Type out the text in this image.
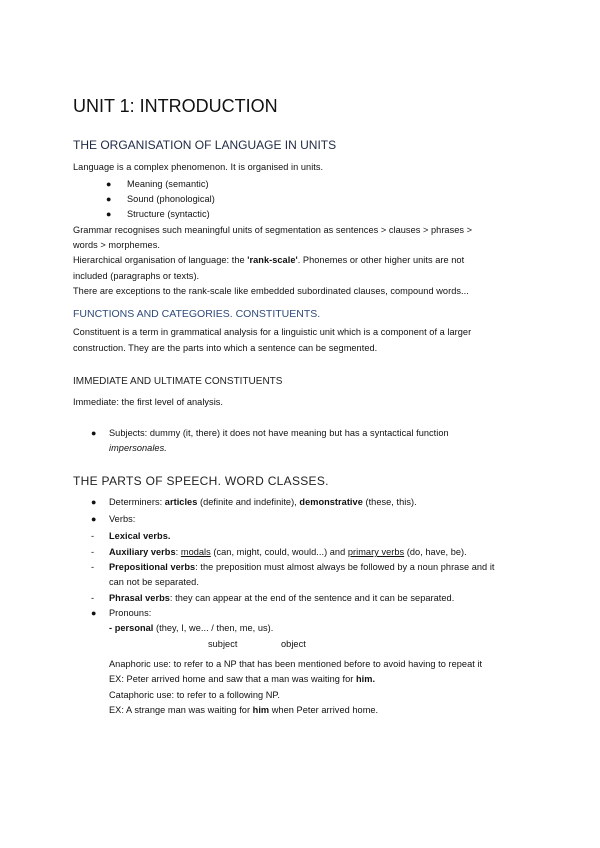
UNIT 1: INTRODUCTION
THE ORGANISATION OF LANGUAGE IN UNITS
Language is a complex phenomenon. It is organised in units.
● Meaning (semantic)
● Sound (phonological)
● Structure (syntactic)
Grammar recognises such meaningful units of segmentation as sentences > clauses > phrases >
words > morphemes.
Hierarchical organisation of language: the 'rank-scale'. Phonemes or other higher units are not
included (paragraphs or texts).
There are exceptions to the rank-scale like embedded subordinated clauses, compound words...
FUNCTIONS AND CATEGORIES. CONSTITUENTS.
Constituent is a term in grammatical analysis for a linguistic unit which is a component of a larger
construction. They are the parts into which a sentence can be segmented.
IMMEDIATE AND ULTIMATE CONSTITUENTS
Immediate: the first level of analysis.
● Subjects: dummy (it, there) it does not have meaning but has a syntactical function
impersonales.
THE PARTS OF SPEECH. WORD CLASSES.
● Determiners: articles (definite and indefinite), demonstrative (these, this).
● Verbs:
- Lexical verbs.
- Auxiliary verbs: modals (can, might, could, would...) and primary verbs (do, have, be).
- Prepositional verbs: the preposition must almost always be followed by a noun phrase and it
can not be separated.
- Phrasal verbs: they can appear at the end of the sentence and it can be separated.
● Pronouns:
- personal (they, I, we... / then, me, us).
subject	object
Anaphoric use: to refer to a NP that has been mentioned before to avoid having to repeat it
EX: Peter arrived home and saw that a man was waiting for him.
Cataphoric use: to refer to a following NP.
EX: A strange man was waiting for him when Peter arrived home.
